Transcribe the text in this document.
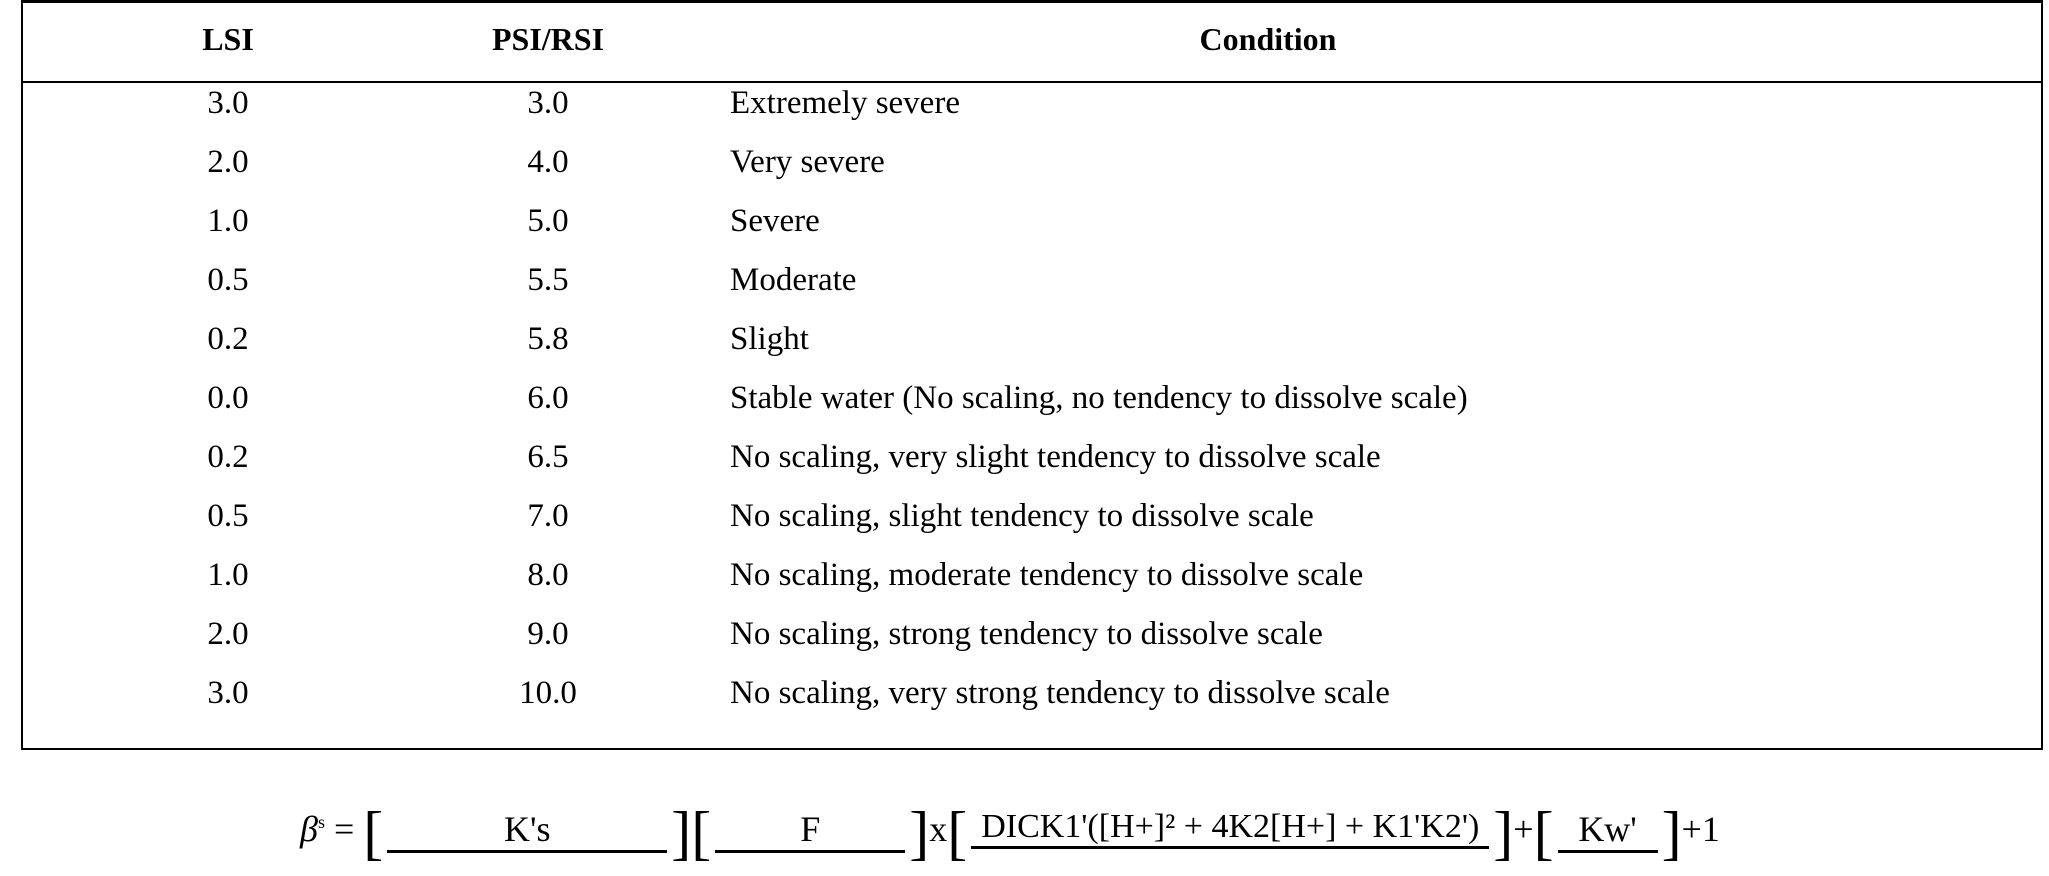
LSI	PSI/RSI	Condition
3.0	3.0	Extremely severe
2.0	4.0	Very severe
1.0	5.0	Severe
0.5	5.5	Moderate
0.2	5.8	Slight
0.0	6.0	Stable water (No scaling, no tendency to dissolve scale)
0.2	6.5	No scaling, very slight tendency to dissolve scale
0.5	7.0	No scaling, slight tendency to dissolve scale
1.0	8.0	No scaling, moderate tendency to dissolve scale
2.0	9.0	No scaling, strong tendency to dissolve scale
3.0	10.0	No scaling, very strong tendency to dissolve scale
$\beta^s$ = [	K's ][ F ]x[ DICK1'([H+]² + 4K2[H+] + K1'K2') ]+[ Kw' ]+1
